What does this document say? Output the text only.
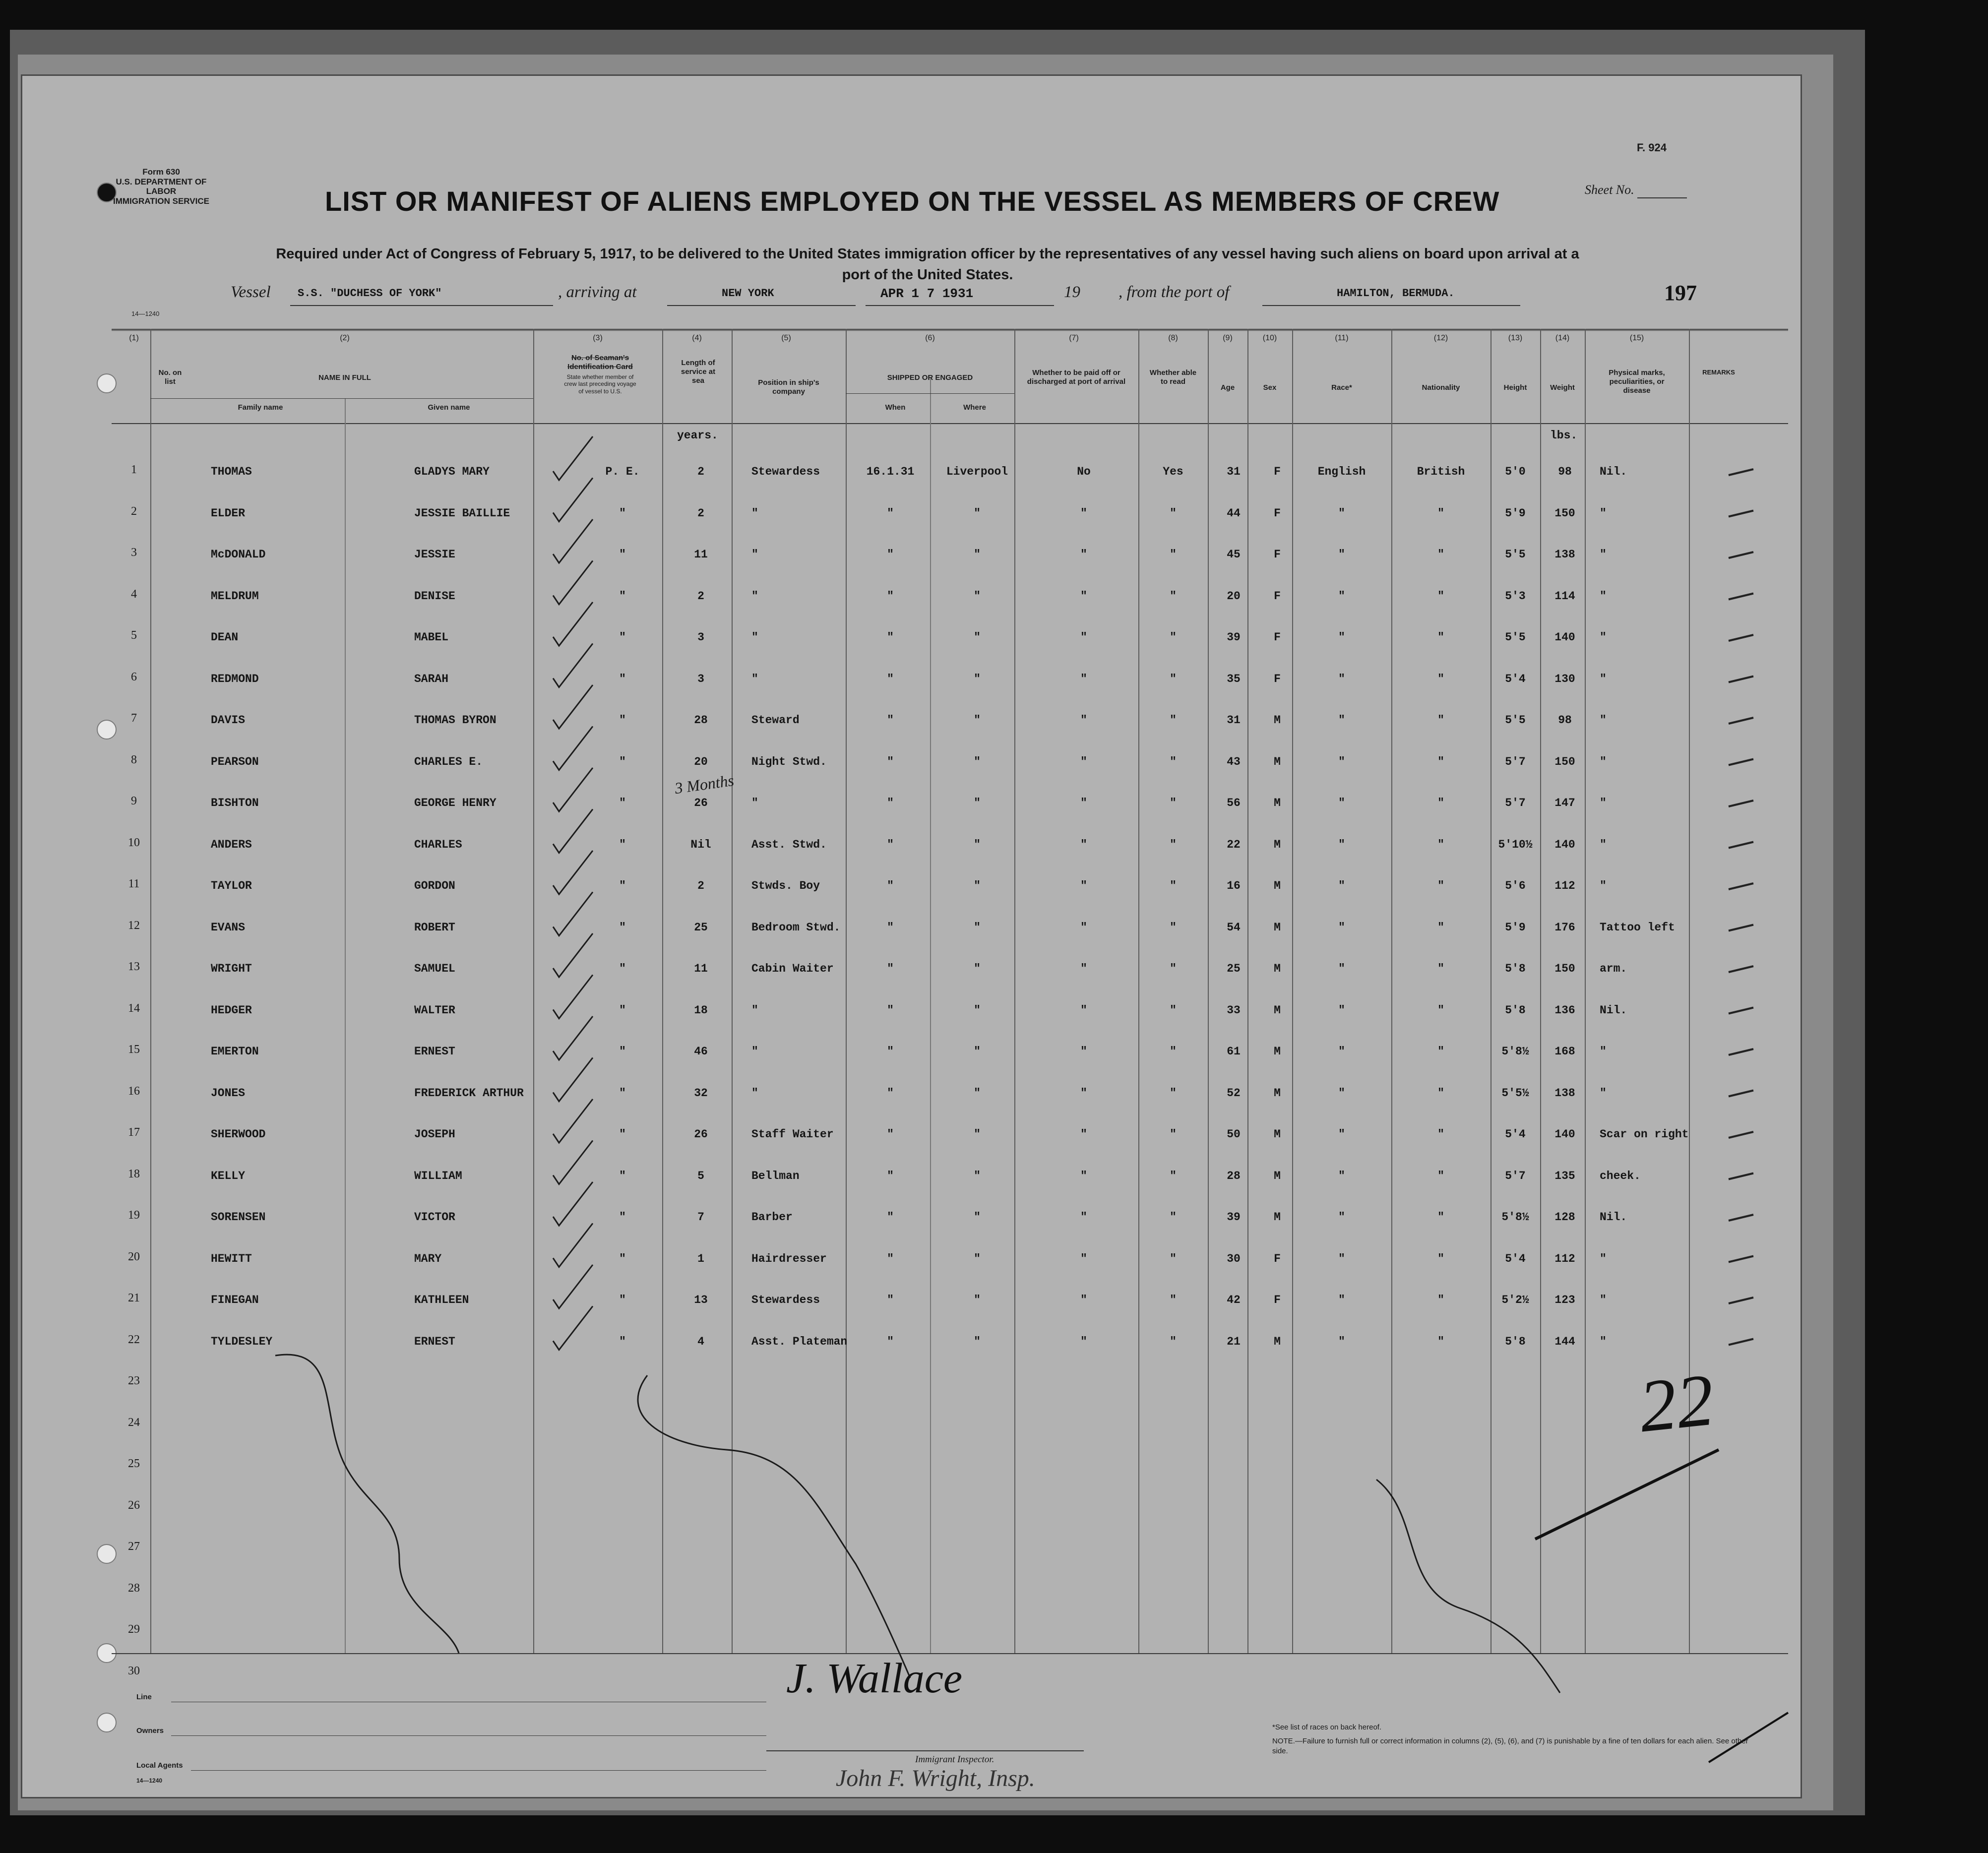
Form 630
U.S. DEPARTMENT OF LABOR
IMMIGRATION SERVICE
F. 924
Sheet No.
LIST OR MANIFEST OF ALIENS EMPLOYED ON THE VESSEL AS MEMBERS OF CREW
Required under Act of Congress of February 5, 1917, to be delivered to the United States immigration officer by the representatives of any vessel having such aliens on board upon arrival at a
port of the United States.
Vessel S.S. "DUCHESS OF YORK"	, arriving at	NEW YORK	APR 1 7 1931	19 , from the port of	HAMILTON, BERMUDA.	197
14—1240
(1)	(2)	(3)	(4)	(5)	(6)	(7)	(8)	(9)	(10)	(11)	(12)	(13)	(14)	(15)
No. on list	NAME IN FULL
Family name	Given name
No. of Seaman's Identification Card
State whether member of crew last preceding voyage of vessel to U.S.
Length of service at sea	Position in ship's company
SHIPPED OR ENGAGED
When	Where
Whether to be paid off or discharged at port of arrival
Whether able to read
Age	Sex	Race*	Nationality	Height	Weight
Physical marks, peculiarities, or disease
REMARKS
years.	lbs.
1	THOMAS	GLADYS MARY	P. E.	2	Stewardess	16.1.31	Liverpool	No	Yes	31	F	English	British	5'0	98	Nil.
2	ELDER	JESSIE BAILLIE	"	2	"	"	"	"	"	44	F	"	"	5'9	150	"
3	McDONALD	JESSIE	"	11	"	"	"	"	"	45	F	"	"	5'5	138	"
4	MELDRUM	DENISE	"	2	"	"	"	"	"	20	F	"	"	5'3	114	"
5	DEAN	MABEL	"	3	"	"	"	"	"	39	F	"	"	5'5	140	"
6	REDMOND	SARAH	"	3	"	"	"	"	"	35	F	"	"	5'4	130	"
7	DAVIS	THOMAS BYRON	"	28	Steward	"	"	"	"	31	M	"	"	5'5	98	"
8	PEARSON	CHARLES E.	"	20	Night Stwd.	"	"	"	"	43	M	"	"	5'7	150	"
9	BISHTON	GEORGE HENRY	"	26	"	"	"	"	"	56	M	"	"	5'7	147	"
10	ANDERS	CHARLES	"	Nil	Asst. Stwd.	"	"	"	"	22	M	"	"	5'10½	140	"
11	TAYLOR	GORDON	"	2	Stwds. Boy	"	"	"	"	16	M	"	"	5'6	112	"
12	EVANS	ROBERT	"	25	Bedroom Stwd.	"	"	"	"	54	M	"	"	5'9	176	Tattoo left
13	WRIGHT	SAMUEL	"	11	Cabin Waiter	"	"	"	"	25	M	"	"	5'8	150	arm.
14	HEDGER	WALTER	"	18	"	"	"	"	"	33	M	"	"	5'8	136	Nil.
15	EMERTON	ERNEST	"	46	"	"	"	"	"	61	M	"	"	5'8½	168	"
16	JONES	FREDERICK ARTHUR	"	32	"	"	"	"	"	52	M	"	"	5'5½	138	"
17	SHERWOOD	JOSEPH	"	26	Staff Waiter	"	"	"	"	50	M	"	"	5'4	140	Scar on right
18	KELLY	WILLIAM	"	5	Bellman	"	"	"	"	28	M	"	"	5'7	135	cheek.
19	SORENSEN	VICTOR	"	7	Barber	"	"	"	"	39	M	"	"	5'8½	128	Nil.
20	HEWITT	MARY	"	1	Hairdresser	"	"	"	"	30	F	"	"	5'4	112	"
21	FINEGAN	KATHLEEN	"	13	Stewardess	"	"	"	"	42	F	"	"	5'2½	123	"
22	TYLDESLEY	ERNEST	"	4	Asst. Plateman	"	"	"	"	21	M	"	"	5'8	144	"
23
24
25
26
27
28
29
30
3 Months
22
Line
Owners
Local Agents
14—1240
J. Wallace
Immigrant Inspector.
John F. Wright, Insp.
*See list of races on back hereof.
NOTE.—Failure to furnish full or correct information in columns (2), (5), (6), and (7) is punishable by a fine of ten dollars for each alien. See other side.
